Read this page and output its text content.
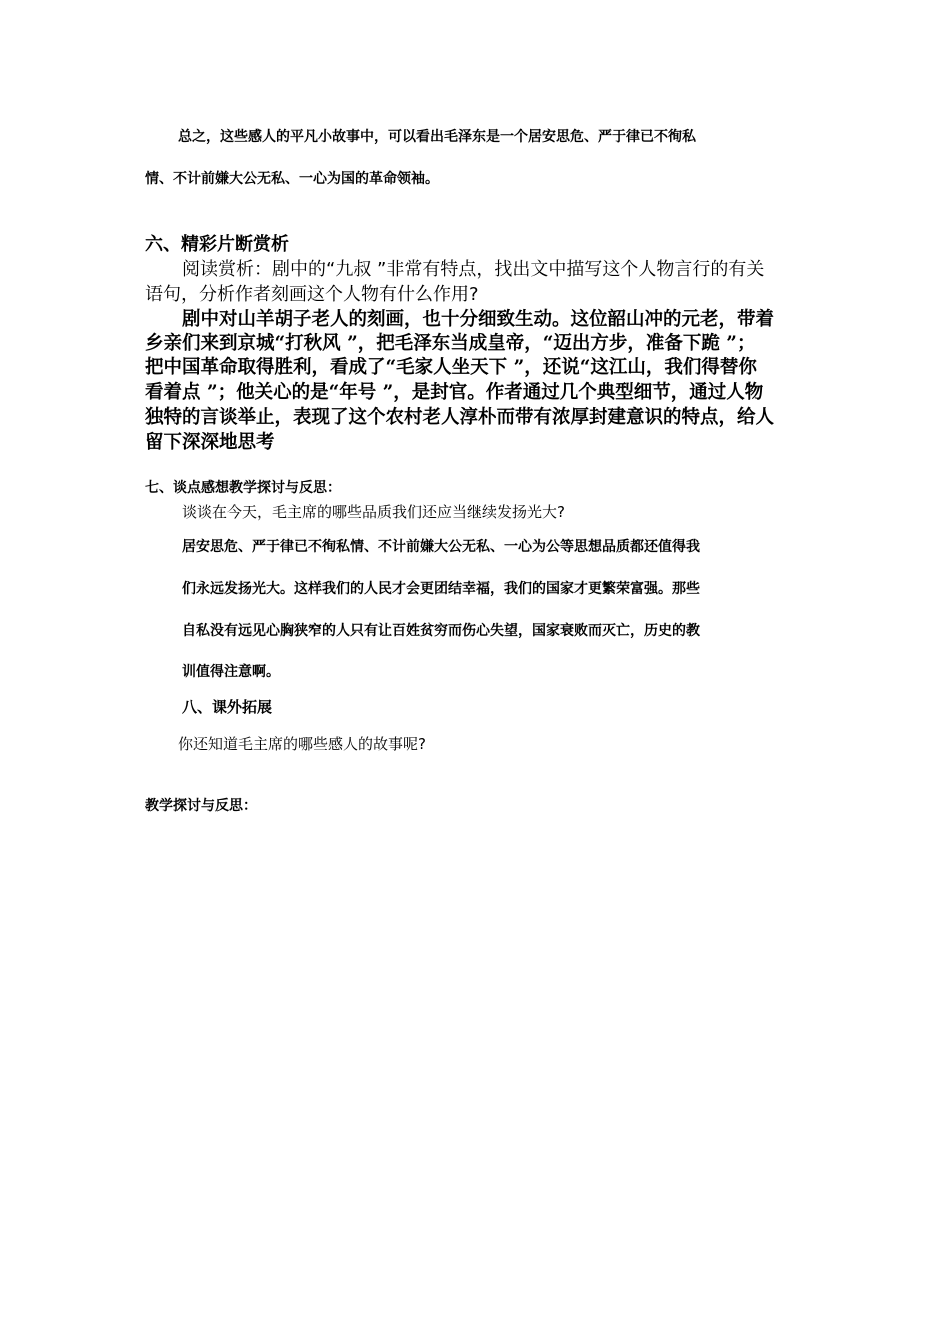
总之，这些感人的平凡小故事中，可以看出毛泽东是一个居安思危、严于律已不徇私

情、不计前嫌大公无私、一心为国的革命领袖。

六、精彩片断赏析

阅读赏析：剧中的“九叔 ”非常有特点，找出文中描写这个人物言行的有关

语句，分析作者刻画这个人物有什么作用?

剧中对山羊胡子老人的刻画，也十分细致生动。这位韶山冲的元老，带着

乡亲们来到京城“打秋风 ”，把毛泽东当成皇帝，“迈出方步，准备下跪 ”；

把中国革命取得胜利，看成了“毛家人坐天下 ”，还说“这江山，我们得替你

看着点 ”；他关心的是“年号 ”，是封官。作者通过几个典型细节，通过人物

独特的言谈举止，表现了这个农村老人淳朴而带有浓厚封建意识的特点，给人

留下深深地思考

七、谈点感想教学探讨与反思：

谈谈在今天，毛主席的哪些品质我们还应当继续发扬光大?

居安思危、严于律已不徇私情、不计前嫌大公无私、一心为公等思想品质都还值得我

们永远发扬光大。这样我们的人民才会更团结幸福，我们的国家才更繁荣富强。那些

自私没有远见心胸狭窄的人只有让百姓贫穷而伤心失望，国家衰败而灭亡，历史的教

训值得注意啊。

八、课外拓展

你还知道毛主席的哪些感人的故事呢?

教学探讨与反思：
